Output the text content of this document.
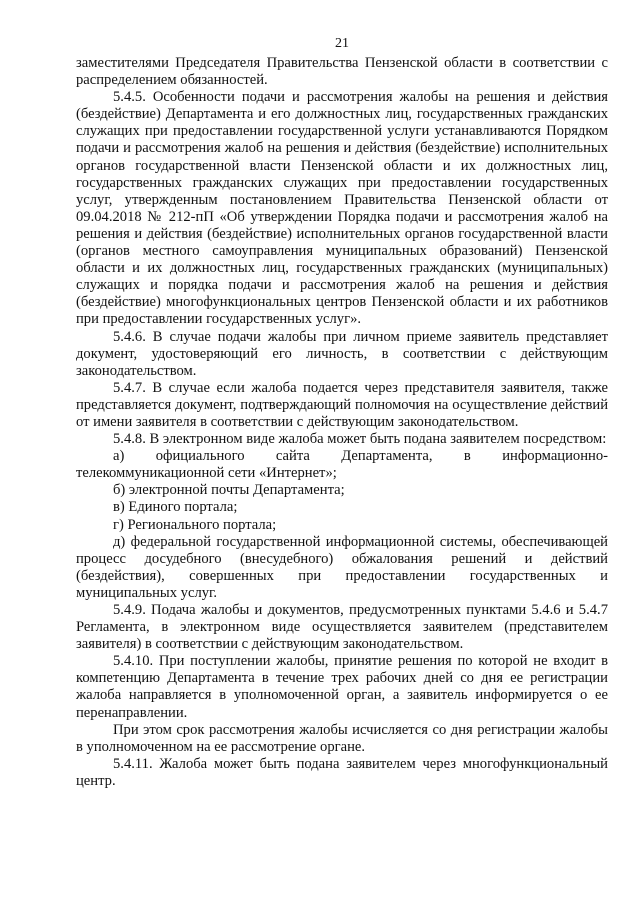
21

заместителями Председателя Правительства Пензенской области в соответствии с распределением обязанностей.

5.4.5. Особенности подачи и рассмотрения жалобы на решения и действия (бездействие) Департамента и его должностных лиц, государственных гражданских служащих при предоставлении государственной услуги устанавливаются Порядком подачи и рассмотрения жалоб на решения и действия (бездействие) исполнительных органов государственной власти Пензенской области и их должностных лиц, государственных гражданских служащих при предоставлении государственных услуг, утвержденным постановлением Правительства Пензенской области от 09.04.2018 № 212-пП «Об утверждении Порядка подачи и рассмотрения жалоб на решения и действия (бездействие) исполнительных органов государственной власти (органов местного самоуправления муниципальных образований) Пензенской области и их должностных лиц, государственных гражданских (муниципальных) служащих и порядка подачи и рассмотрения жалоб на решения и действия (бездействие) многофункциональных центров Пензенской области и их работников при предоставлении государственных услуг».

5.4.6. В случае подачи жалобы при личном приеме заявитель представляет документ, удостоверяющий его личность, в соответствии с действующим законодательством.

5.4.7. В случае если жалоба подается через представителя заявителя, также представляется документ, подтверждающий полномочия на осуществление действий от имени заявителя в соответствии с действующим законодательством.

5.4.8. В электронном виде жалоба может быть подана заявителем посредством:

а) официального сайта Департамента, в информационно-телекоммуникационной сети «Интернет»;

б) электронной почты Департамента;

в) Единого портала;

г) Регионального портала;

д) федеральной государственной информационной системы, обеспечивающей процесс досудебного (внесудебного) обжалования решений и действий (бездействия), совершенных при предоставлении государственных и муниципальных услуг.

5.4.9. Подача жалобы и документов, предусмотренных пунктами 5.4.6 и 5.4.7 Регламента, в электронном виде осуществляется заявителем (представителем заявителя) в соответствии с действующим законодательством.

5.4.10. При поступлении жалобы, принятие решения по которой не входит в компетенцию Департамента в течение трех рабочих дней со дня ее регистрации жалоба направляется в уполномоченной орган, а заявитель информируется о ее перенаправлении.

При этом срок рассмотрения жалобы исчисляется со дня регистрации жалобы в уполномоченном на ее рассмотрение органе.

5.4.11. Жалоба может быть подана заявителем через многофункциональный центр.
